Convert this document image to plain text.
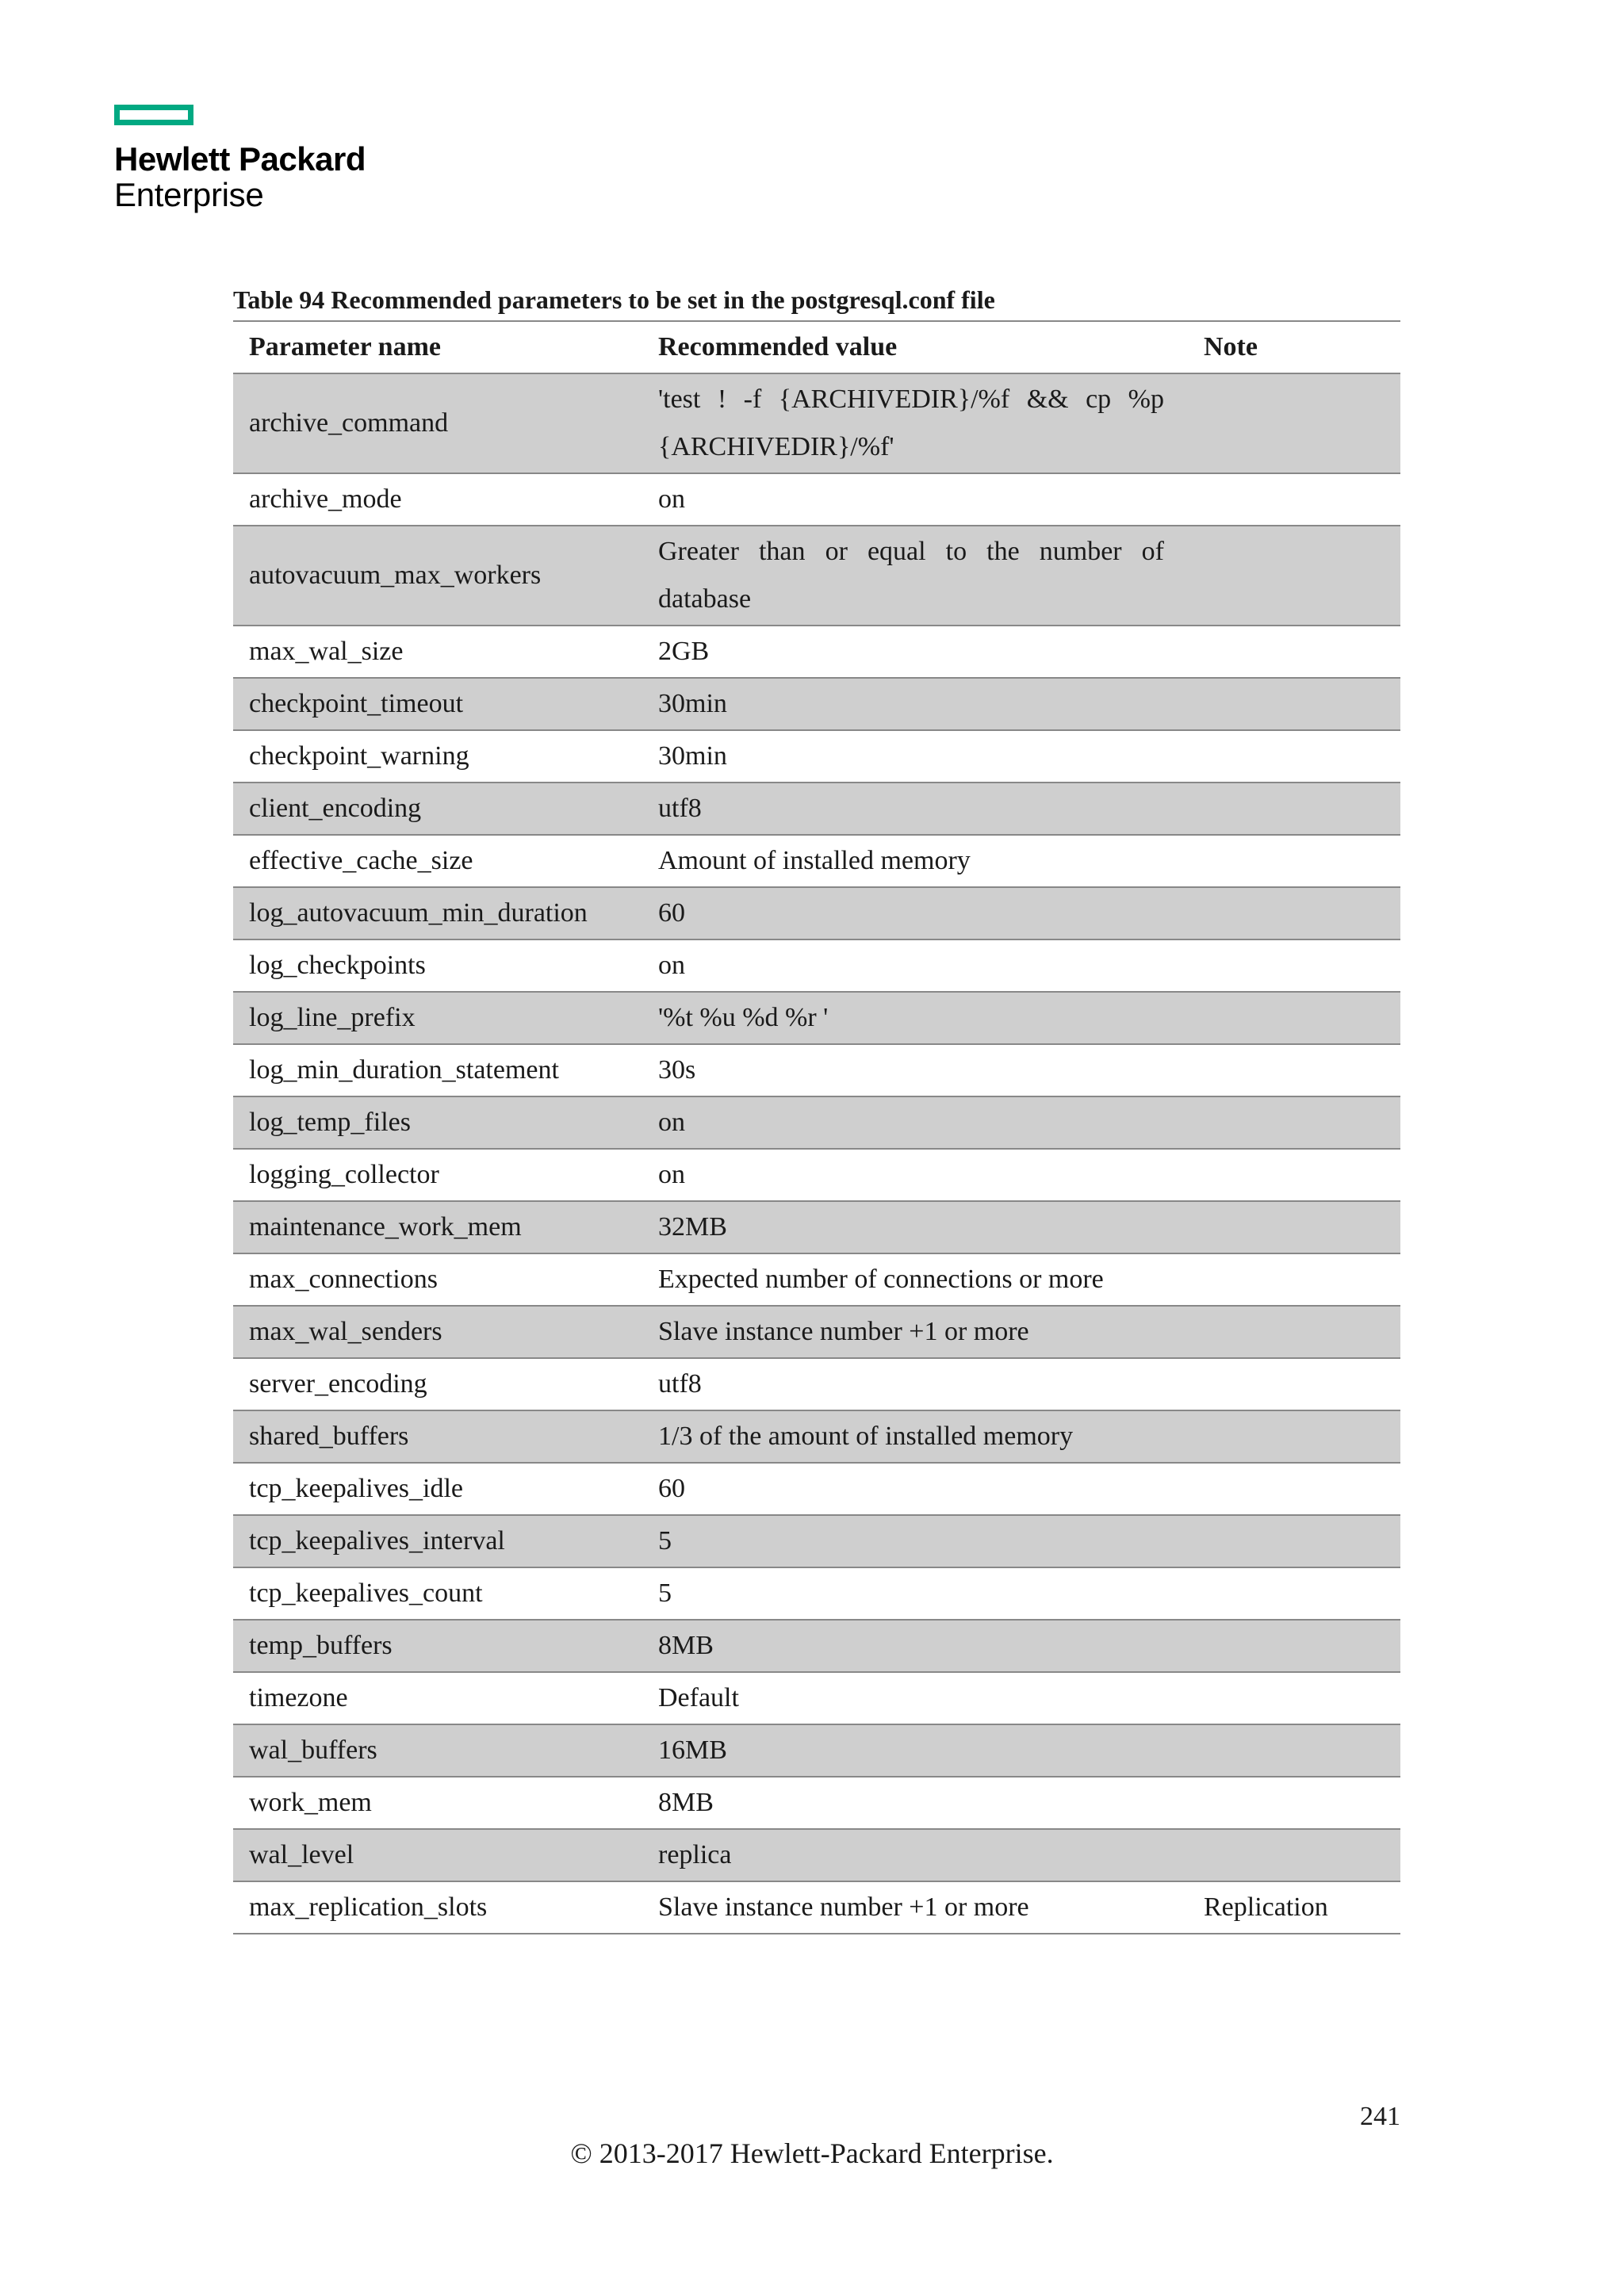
Hewlett Packard
Enterprise
Table 94 Recommended parameters to be set in the postgresql.conf file
Parameter name	Recommended value	Note
archive_command	'test ! -f {ARCHIVEDIR}/%f && cp %p {ARCHIVEDIR}/%f'	
archive_mode	on	
autovacuum_max_workers	Greater than or equal to the number of database	
max_wal_size	2GB	
checkpoint_timeout	30min	
checkpoint_warning	30min	
client_encoding	utf8	
effective_cache_size	Amount of installed memory	
log_autovacuum_min_duration	60	
log_checkpoints	on	
log_line_prefix	'%t %u %d %r '	
log_min_duration_statement	30s	
log_temp_files	on	
logging_collector	on	
maintenance_work_mem	32MB	
max_connections	Expected number of connections or more	
max_wal_senders	Slave instance number +1 or more	
server_encoding	utf8	
shared_buffers	1/3 of the amount of installed memory	
tcp_keepalives_idle	60	
tcp_keepalives_interval	5	
tcp_keepalives_count	5	
temp_buffers	8MB	
timezone	Default	
wal_buffers	16MB	
work_mem	8MB	
wal_level	replica	
max_replication_slots	Slave instance number +1 or more	Replication
241
© 2013-2017 Hewlett-Packard Enterprise.
